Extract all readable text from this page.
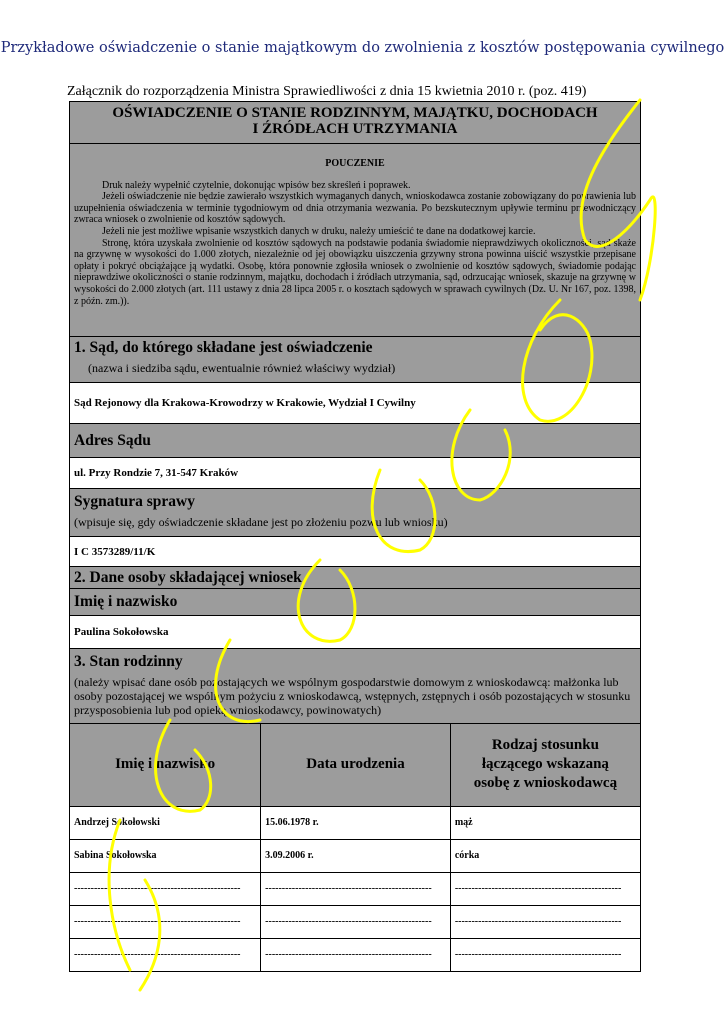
Przykładowe oświadczenie o stanie majątkowym do zwolnienia z kosztów postępowania cywilnego
Załącznik do rozporządzenia Ministra Sprawiedliwości z dnia 15 kwietnia 2010 r. (poz. 419)
OŚWIADCZENIE O STANIE RODZINNYM, MAJĄTKU, DOCHODACH
I ŹRÓDŁACH UTRZYMANIA
POUCZENIE

Druk należy wypełnić czytelnie, dokonując wpisów bez skreśleń i poprawek.

Jeżeli oświadczenie nie będzie zawierało wszystkich wymaganych danych, wnioskodawca zostanie zobowiązany do poprawienia lub uzupełnienia oświadczenia w terminie tygodniowym od dnia otrzymania wezwania. Po bezskutecznym upływie terminu przewodniczący zwraca wniosek o zwolnienie od kosztów sądowych.

Jeżeli nie jest możliwe wpisanie wszystkich danych w druku, należy umieścić te dane na dodatkowej karcie.

Stronę, która uzyskała zwolnienie od kosztów sądowych na podstawie podania świadomie nieprawdziwych okoliczności, sąd skaże na grzywnę w wysokości do 1.000 złotych, niezależnie od jej obowiązku uiszczenia grzywny strona powinna uiścić wszystkie przepisane opłaty i pokryć obciążające ją wydatki. Osobę, która ponownie zgłosiła wniosek o zwolnienie od kosztów sądowych, świadomie podając nieprawdziwe okoliczności o stanie rodzinnym, majątku, dochodach i źródłach utrzymania, sąd, odrzucając wniosek, skazuje na grzywnę w wysokości do 2.000 złotych (art. 111 ustawy z dnia 28 lipca 2005 r. o kosztach sądowych w sprawach cywilnych (Dz. U. Nr 167, poz. 1398, z późn. zm.)).

1. Sąd, do którego składane jest oświadczenie
(nazwa i siedziba sądu, ewentualnie również właściwy wydział)
Sąd Rejonowy dla Krakowa-Krowodrzy w Krakowie, Wydział I Cywilny
Adres Sądu
ul. Przy Rondzie 7, 31-547 Kraków
Sygnatura sprawy
(wpisuje się, gdy oświadczenie składane jest po złożeniu pozwu lub wniosku)
I C 3573289/11/K
2. Dane osoby składającej wniosek
Imię i nazwisko
Paulina Sokołowska
3. Stan rodzinny
(należy wpisać dane osób pozostających we wspólnym gospodarstwie domowym z wnioskodawcą: małżonka lub osoby pozostającej we wspólnym pożyciu z wnioskodawcą, wstępnych, zstępnych i osób pozostających w stosunku przysposobienia lub pod opieką wnioskodawcy, powinowatych)
Imię i nazwisko	Data urodzenia	Rodzaj stosunku łączącego wskazaną osobę z wnioskodawcą
Andrzej Sokołowski	15.06.1978 r.	mąż
Sabina Sokołowska	3.09.2006 r.	córka
--------------------------------------------------	--------------------------------------------------	--------------------------------------------------
--------------------------------------------------	--------------------------------------------------	--------------------------------------------------
--------------------------------------------------	--------------------------------------------------	--------------------------------------------------
